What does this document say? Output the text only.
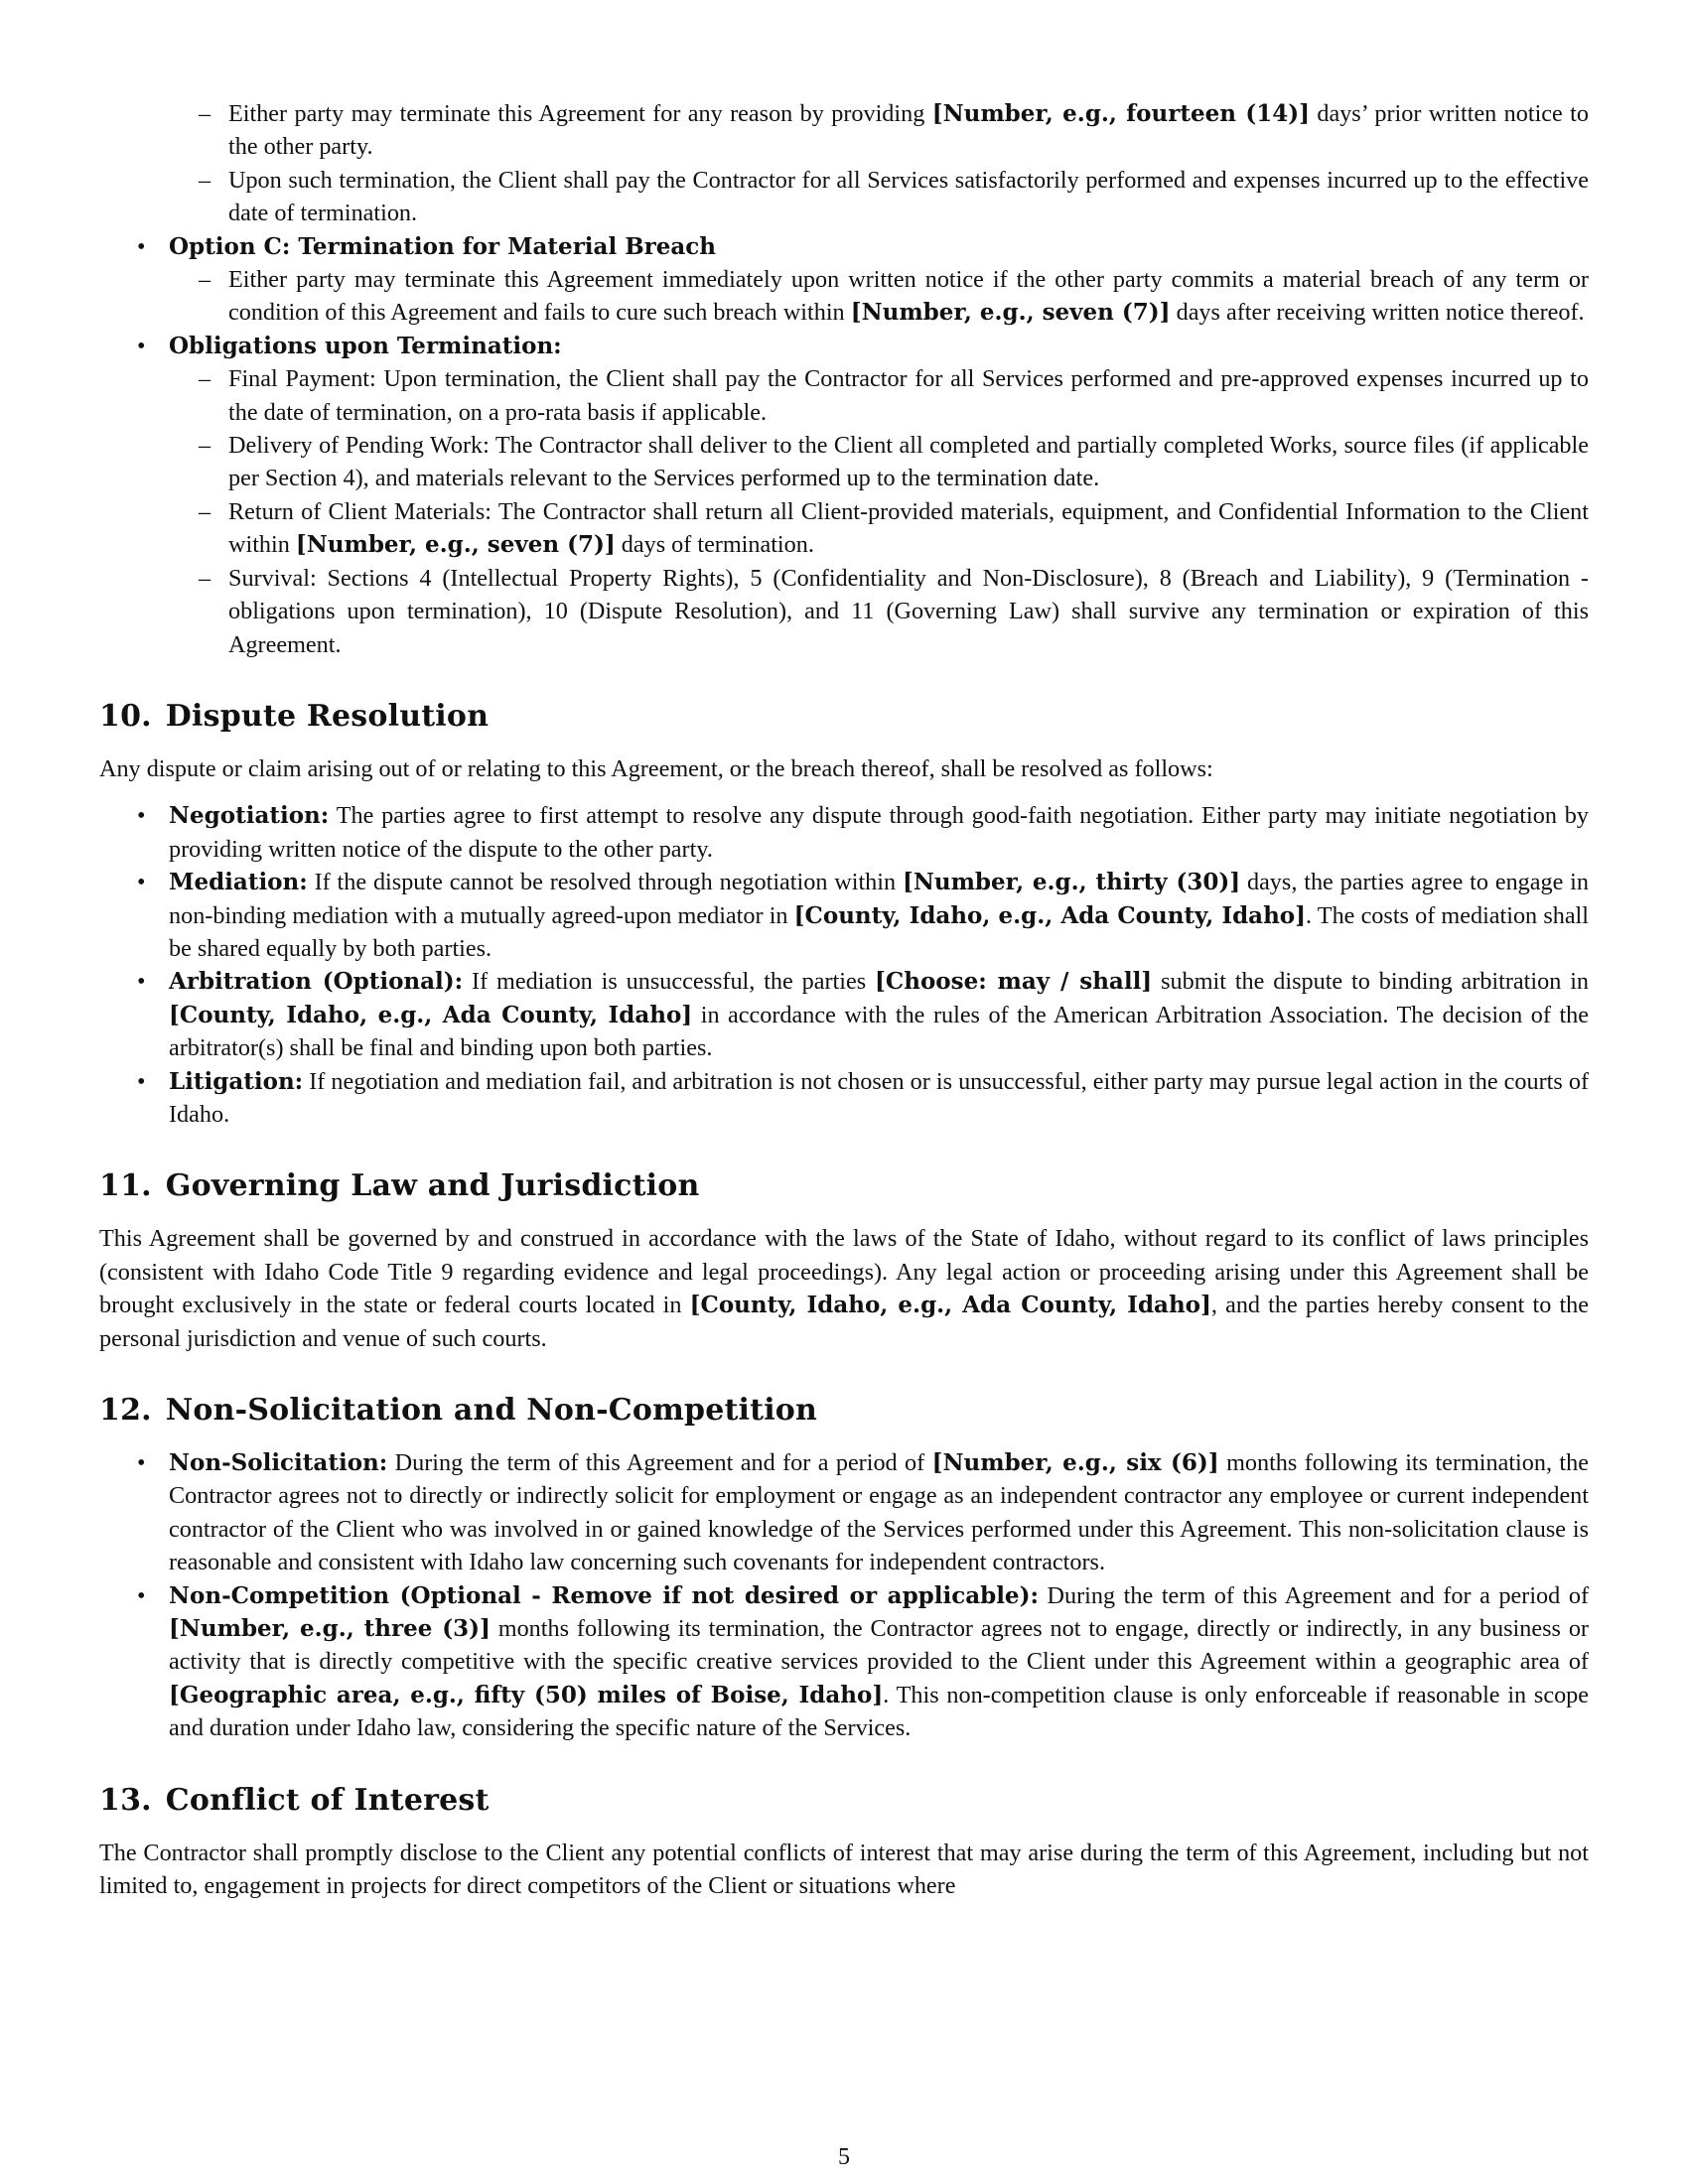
– Either party may terminate this Agreement for any reason by providing [Number, e.g., fourteen (14)] days’ prior written notice to the other party.
– Upon such termination, the Client shall pay the Contractor for all Services satisfactorily performed and expenses incurred up to the effective date of termination.
• Option C: Termination for Material Breach
– Either party may terminate this Agreement immediately upon written notice if the other party commits a material breach of any term or condition of this Agreement and fails to cure such breach within [Number, e.g., seven (7)] days after receiving written notice thereof.
• Obligations upon Termination:
– Final Payment: Upon termination, the Client shall pay the Contractor for all Services performed and pre-approved expenses incurred up to the date of termination, on a pro-rata basis if applicable.
– Delivery of Pending Work: The Contractor shall deliver to the Client all completed and partially completed Works, source files (if applicable per Section 4), and materials relevant to the Services performed up to the termination date.
– Return of Client Materials: The Contractor shall return all Client-provided materials, equipment, and Confidential Information to the Client within [Number, e.g., seven (7)] days of termination.
– Survival: Sections 4 (Intellectual Property Rights), 5 (Confidentiality and Non-Disclosure), 8 (Breach and Liability), 9 (Termination - obligations upon termination), 10 (Dispute Resolution), and 11 (Governing Law) shall survive any termination or expiration of this Agreement.
10. Dispute Resolution

Any dispute or claim arising out of or relating to this Agreement, or the breach thereof, shall be resolved as follows:

• Negotiation: The parties agree to first attempt to resolve any dispute through good-faith negotiation. Either party may initiate negotiation by providing written notice of the dispute to the other party.
• Mediation: If the dispute cannot be resolved through negotiation within [Number, e.g., thirty (30)] days, the parties agree to engage in non-binding mediation with a mutually agreed-upon mediator in [County, Idaho, e.g., Ada County, Idaho]. The costs of mediation shall be shared equally by both parties.
• Arbitration (Optional): If mediation is unsuccessful, the parties [Choose: may / shall] submit the dispute to binding arbitration in [County, Idaho, e.g., Ada County, Idaho] in accordance with the rules of the American Arbitration Association. The decision of the arbitrator(s) shall be final and binding upon both parties.
• Litigation: If negotiation and mediation fail, and arbitration is not chosen or is unsuccessful, either party may pursue legal action in the courts of Idaho.
11. Governing Law and Jurisdiction

This Agreement shall be governed by and construed in accordance with the laws of the State of Idaho, without regard to its conflict of laws principles (consistent with Idaho Code Title 9 regarding evidence and legal proceedings). Any legal action or proceeding arising under this Agreement shall be brought exclusively in the state or federal courts located in [County, Idaho, e.g., Ada County, Idaho], and the parties hereby consent to the personal jurisdiction and venue of such courts.

12. Non-Solicitation and Non-Competition
• Non-Solicitation: During the term of this Agreement and for a period of [Number, e.g., six (6)] months following its termination, the Contractor agrees not to directly or indirectly solicit for employment or engage as an independent contractor any employee or current independent contractor of the Client who was involved in or gained knowledge of the Services performed under this Agreement. This non-solicitation clause is reasonable and consistent with Idaho law concerning such covenants for independent contractors.
• Non-Competition (Optional - Remove if not desired or applicable): During the term of this Agreement and for a period of [Number, e.g., three (3)] months following its termination, the Contractor agrees not to engage, directly or indirectly, in any business or activity that is directly competitive with the specific creative services provided to the Client under this Agreement within a geographic area of [Geographic area, e.g., fifty (50) miles of Boise, Idaho]. This non-competition clause is only enforceable if reasonable in scope and duration under Idaho law, considering the specific nature of the Services.
13. Conflict of Interest

The Contractor shall promptly disclose to the Client any potential conflicts of interest that may arise during the term of this Agreement, including but not limited to, engagement in projects for direct competitors of the Client or situations where

5
